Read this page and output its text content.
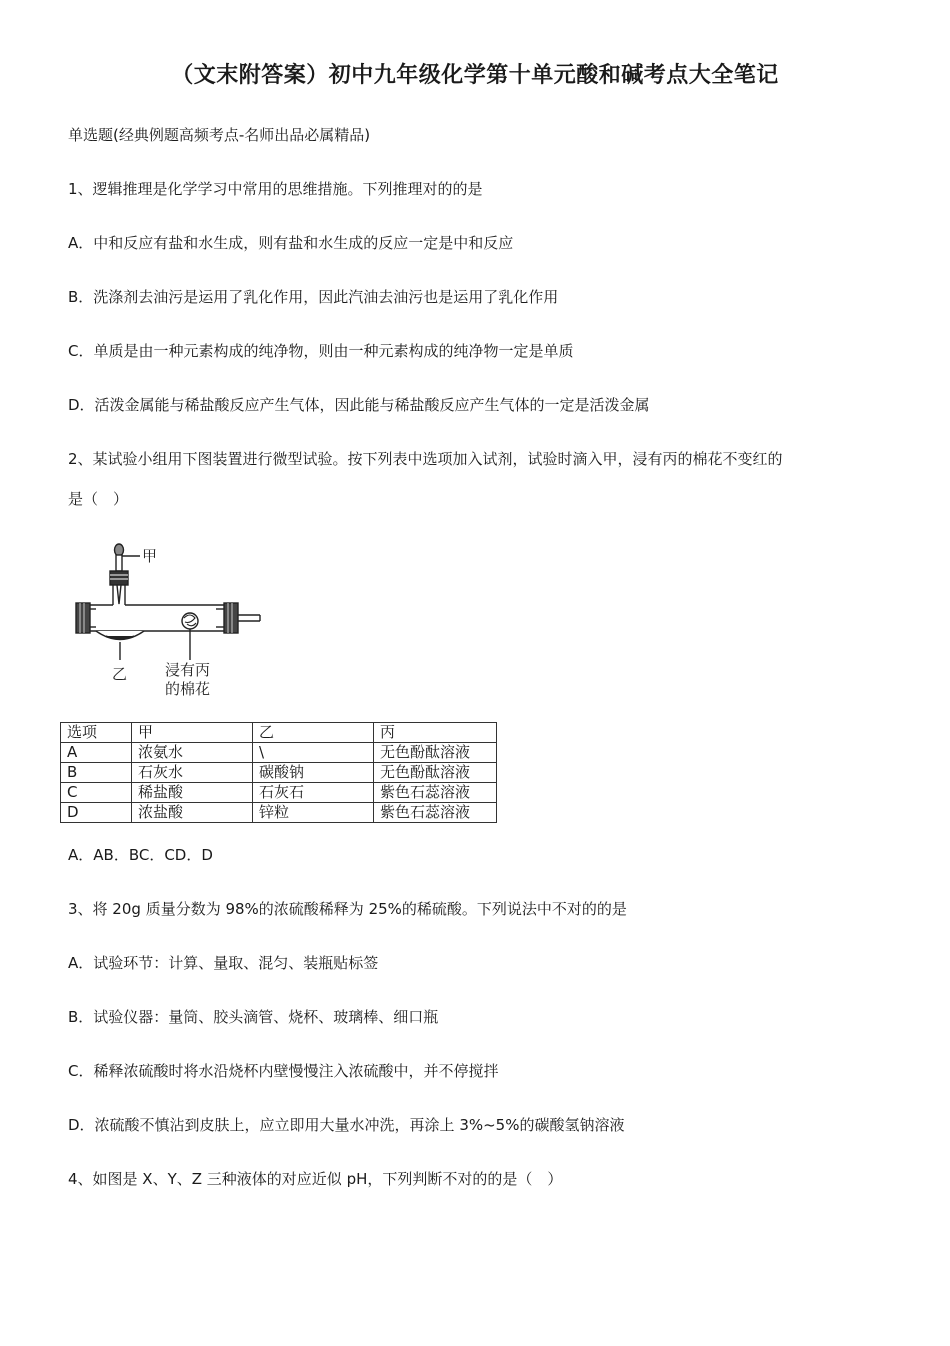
（文末附答案）初中九年级化学第十单元酸和碱考点大全笔记
单选题(经典例题高频考点-名师出品必属精品)
1、逻辑推理是化学学习中常用的思维措施。下列推理对的的是
A．中和反应有盐和水生成，则有盐和水生成的反应一定是中和反应
B．洗涤剂去油污是运用了乳化作用，因此汽油去油污也是运用了乳化作用
C．单质是由一种元素构成的纯净物，则由一种元素构成的纯净物一定是单质
D．活泼金属能与稀盐酸反应产生气体，因此能与稀盐酸反应产生气体的一定是活泼金属
2、某试验小组用下图装置进行微型试验。按下列表中选项加入试剂，试验时滴入甲，浸有丙的棉花不变红的
是（　）
甲
乙	浸有丙
的棉花
选项	甲	乙	丙
A	浓氨水	\	无色酚酞溶液
B	石灰水	碳酸钠	无色酚酞溶液
C	稀盐酸	石灰石	紫色石蕊溶液
D	浓盐酸	锌粒	紫色石蕊溶液
A．AB．BC．CD．D
3、将 20g 质量分数为 98%的浓硫酸稀释为 25%的稀硫酸。下列说法中不对的的是
A．试验环节：计算、量取、混匀、装瓶贴标签
B．试验仪器：量筒、胶头滴管、烧杯、玻璃棒、细口瓶
C．稀释浓硫酸时将水沿烧杯内壁慢慢注入浓硫酸中，并不停搅拌
D．浓硫酸不慎沾到皮肤上，应立即用大量水冲洗，再涂上 3%~5%的碳酸氢钠溶液
4、如图是 X、Y、Z 三种液体的对应近似 pH，下列判断不对的的是（　）
